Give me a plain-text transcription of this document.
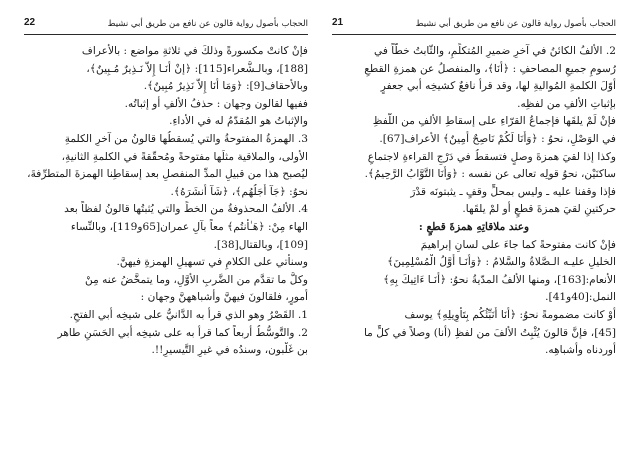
الحجاب بأصول رواية قالون عن نافع من طريق أبي نشيط
22
فإنْ كانتْ مكسورةً وذلكَ في ثلاثةِ مواضع : بالأعراف
[188]، وبالـشُّعراء[115]: ﴿إنْ أَنَـا إِلاَّ نَـذِيرٌ مُـبِينٌ﴾،
وبالأحقاف[9]: ﴿وَمَا أَنَا إِلاَّ نَذِيرٌ مُبِينٌ﴾.
ففيها لقالون وجهان : حذفُ الألفِ أو إثباتُه.
والإثباتُ هو المُقدّمُ له في الأداءِ.
3. الهمزةُ المفتوحةُ والتي يُسقطُها قالونُ من آخرِ الكلمةِ
الأولى، والملاقية مثلَها مفتوحةً ومُحقّقةً في الكلمةِ الثانيةِ،
ليُصبح هذا من قبيلِ المدِّ المنفصلِ بعد إسقاطِنا الهمزةَ المتطرِّفةَ،
نحوُ: ﴿جَآ أَجَلُهُم﴾، ﴿شَآ أَنشَرَهُ﴾.
4. الألفُ المحذوفةُ من الخطِّ والتي يُثبتُها قالونُ لفظاً بعد
الهاء مِنْ: ﴿هَـٰأَنتُم﴾ معاً بآلِ عمران[65و119]، وبالنِّساء
[109]، وبالقتال[38].
وسنأتي على الكلامِ في تسهيلِ الهمزةِ فيهنَّ.
وكلُّ ما تقدَّم من الضَّربِ الأوَّلِ، وما يتمخَّضُ عنه مِنْ
أُمورٍ، فلقالونَ فيهنَّ وأشباههنَّ وجهان :
1. القَصْرُ وهو الذي قرأ به الدَّانيُّ على شيخِه أبي الفتحِ.
2. والتَّوسُّطُ أربعاً كما قرأ به على شيخِه أبي الحَسَنِ طاهر
بن غَلْبون، وسندُه في غيرِ التَّيسيرِ!!.
الحجاب بأصول رواية قالون عن نافع من طريق أبي نشيط
21
2. الألفُ الكائنُ في آخرِ ضميرِ المُتكلِّمِ، والثّابتُ خطّاً في
رُسومِ جميعِ المصاحفِ : ﴿أَنَا﴾، والمنفصلُ عن همزةِ القطعِ
أوّلَ الكلمةِ المُواليةِ لها، وقد قرأ نافعٌ كشيخِه أبي جعفرٍ
بإثباتِ الألفِ من لفظِه.
فإنْ لَمْ يلقَها فإجماعُ القرّاءِ على إسقاطِ الألفِ من اللَّفظِ
في الوَصْلِ، نحوُ : ﴿وَأَنَا لَكُمْ نَاصِحٌ أَمِينٌ﴾ الأعراف[67].
وكذا إذا لقيَ همزةَ وصلٍ فتسقطُ في دَرْجِ القراءةِ لاجتماعِ
ساكنَيْن، نحوُ قولِه تعالى عن نفسه : ﴿وَأَنَا التَّوَّابُ الرَّحِيمُ﴾.
فإذا وقفنا عليه ـ وليس بمحلٍّ وقفٍ ـ يثبتونَه قدْرَ
حركتينِ لقيَ همزةَ قطعٍ أو لمْ يلقَها.
وعند ملاقاتِهِ همزةَ قطعٍ :
فإنْ كانت مفتوحةً كما جاءَ على لسانِ إبراهيمَ
الخليلِ عليـه الـصَّلاةُ والسَّلامُ : ﴿وَأَنَـا أَوَّلُ الْمُسْلِمِينَ﴾
الأنعام:[163]، ومنها الألفُ المدّيةُ نحوُ: ﴿أَنَـا ءَاتِيكَ بِهِ﴾
النمل:[40و41].
أوْ كانت مضمومةً نحوُ: ﴿أَنَا أُنَبِّئُكُم بِتَأْوِيلِهِ﴾ يوسف
[45]، فإنَّ قالونَ يُثْبِتُ الألفَ من لفظِ (أنا) وصلاً في كلٍّ ما
أوردناه وأشباهِه.
